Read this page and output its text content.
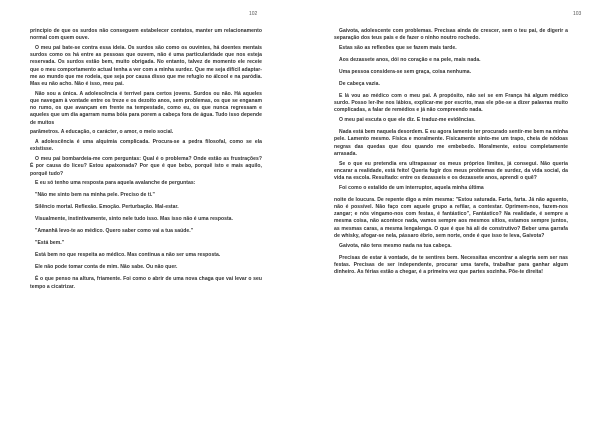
102

princípio de que os surdos não conseguem estabelecer contatos, manter um relacionamento normal com quem ouve.

O meu pai bate-se contra essa ideia. Os surdos são como os ouvintes, há doentes mentais surdos como os há entre as pessoas que ouvem, não é uma particularidade que nos esteja reservada. Os surdos estão bem, muito obrigada. No entanto, talvez de momento ele receie que o meu comportamento actual tenha a ver com a minha surdez. Que me seja difícil adaptar-me ao mundo que me rodeia, que seja por causa disso que me refugio no álcool e na paródia. Mas eu não acho. Não é isso, meu pai.

Não sou a única. A adolescência é terrível para certos jovens. Surdos ou não. Há aqueles que navegam à vontade entre os treze e os dezoito anos, sem problemas, os que se enganam no rumo, os que avançam em frente na tempestade, como eu, os que nunca regressam e aqueles que um dia agarram numa bóia para porem a cabeça fora de água. Tudo isso depende de muitos

parâmetros. A educação, o carácter, o amor, o meio social.

A adolescência é uma alquimia complicada. Procura-se a pedra filosofal, como se ela existisse.

O meu pai bombardeia-me com perguntas: Qual é o problema? Onde estão as frustrações? É por causa do liceu? Estou apaixonada? Por que é que bebo, porquê isto e mais aquilo, porquê tudo?

E eu só tenho uma resposta para aquela avalanche de perguntas:

"Não me sinto bem na minha pele. Preciso de ti."

Silêncio mortal. Reflexão. Emoção. Perturbação. Mal-estar.

Visualmente, instintivamente, sinto nele tudo isso. Mas isso não é uma resposta.

"Amanhã levo-te ao médico. Quero saber como vai a tua saúde."

"Está bem."

Está bem no que respeita ao médico. Mas continua a não ser uma resposta.

Ele não pode tomar conta de mim. Não sabe. Ou não quer.

É o que penso na altura, friamente. Foi como o abrir de uma nova chaga que vai levar o seu tempo a cicatrizar.

103

Gaivota, adolescente com problemas. Precisas ainda de crescer, sem o teu pai, de digerir a separação dos teus pais e de fazer o ninho noutro rochedo.

Estas são as reflexões que se fazem mais tarde.

Aos dezassete anos, dói no coração e na pele, mais nada.

Uma pessoa considera-se sem graça, coisa nenhuma.

De cabeça vazia.

E lá vou ao médico com o meu pai. A propósito, não sei se em França há algum médico surdo. Posso ler-lhe nos lábios, explicar-me por escrito, mas ele põe-se a dizer palavras muito complicadas, a falar de remédios e já não compreendo nada.

O meu pai escuta o que ele diz. E traduz-me evidências.

Nada está bem naquela desordem. E eu agora lamento ter procurado sentir-me bem na minha pele. Lamento mesmo. Física e moralmente. Fisicamente sinto-me um trapo, cheia de nódoas negras das quedas que dou quando me embebedo. Moralmente, estou completamente arrasada.

Se o que eu pretendia era ultrapassar os meus próprios limites, já consegui. Não queria encarar a realidade, está feito! Queria fugir dos meus problemas de surdez, da vida social, da vida na escola. Resultado: entre os dezasseis e os dezassete anos, aprendi o quê?

Foi como o estalido de um interruptor, aquela minha última

noite de loucura. De repente digo a mim mesma: "Estou saturada. Farta, farta. Já não aguento, não é possível. Não faço com aquele grupo a refilar, a contestar. Oprimem-nos, fazem-nos zangar; e nós vingamo-nos com festas, é fantástico", Fantástico? Na realidade, é sempre a mesma coisa, não acontece nada, vamos sempre aos mesmos sítios, estamos sempre juntos, as mesmas caras, a mesma lengalenga. O que é que há ali de construtivo? Beber uma garrafa de whisky, afogar-se nela, pássaro ébrio, sem norte, onde é que isso te leva, Gaivota?

Gaivota, não tens mesmo nada na tua cabeça.

Precisas de estar à vontade, de te sentires bem. Necessitas encontrar a alegria sem ser nas festas. Precisas de ser independente, procurar uma tarefa, trabalhar para ganhar algum dinheiro. As férias estão a chegar, é a primeira vez que partes sozinha. Põe-te direita!
